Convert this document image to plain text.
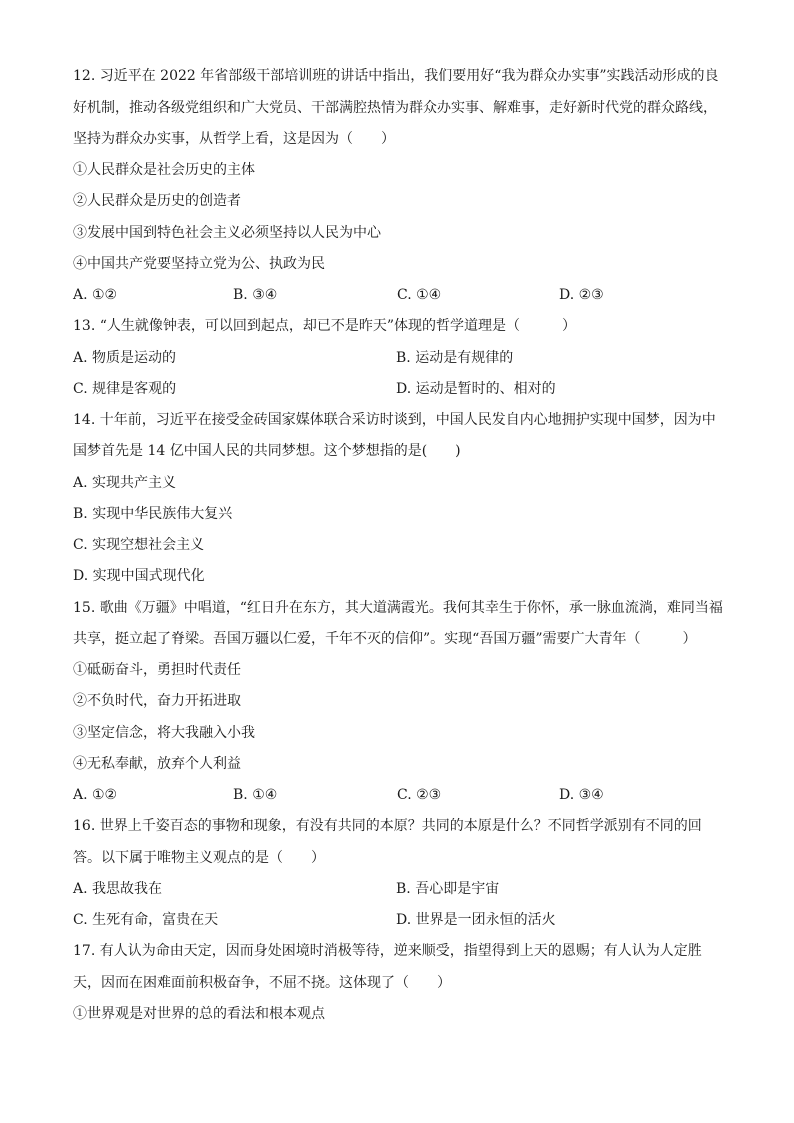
12. 习近平在 2022 年省部级干部培训班的讲话中指出，我们要用好“我为群众办实事”实践活动形成的良
好机制，推动各级党组织和广大党员、干部满腔热情为群众办实事、解难事，走好新时代党的群众路线，
坚持为群众办实事，从哲学上看，这是因为（　　）
①人民群众是社会历史的主体
②人民群众是历史的创造者
③发展中国到特色社会主义必须坚持以人民为中心
④中国共产党要坚持立党为公、执政为民
A. ①②	B. ③④	C. ①④	D. ②③
13. “人生就像钟表，可以回到起点，却已不是昨天”体现的哲学道理是（　　　）
A. 物质是运动的	B. 运动是有规律的
C. 规律是客观的	D. 运动是暂时的、相对的
14. 十年前，习近平在接受金砖国家媒体联合采访时谈到，中国人民发自内心地拥护实现中国梦，因为中
国梦首先是 14 亿中国人民的共同梦想。这个梦想指的是(　　)
A. 实现共产主义
B. 实现中华民族伟大复兴
C. 实现空想社会主义
D. 实现中国式现代化
15. 歌曲《万疆》中唱道，“红日升在东方，其大道满霞光。我何其幸生于你怀，承一脉血流淌，难同当福
共享，挺立起了脊梁。吾国万疆以仁爱，千年不灭的信仰”。实现“吾国万疆”需要广大青年（　　　）
①砥砺奋斗，勇担时代责任
②不负时代，奋力开拓进取
③坚定信念，将大我融入小我
④无私奉献，放弃个人利益
A. ①②	B. ①④	C. ②③	D. ③④
16. 世界上千姿百态的事物和现象，有没有共同的本原？共同的本原是什么？不同哲学派别有不同的回
答。以下属于唯物主义观点的是（　　）
A. 我思故我在	B. 吾心即是宇宙
C. 生死有命，富贵在天	D. 世界是一团永恒的活火
17. 有人认为命由天定，因而身处困境时消极等待，逆来顺受，指望得到上天的恩赐；有人认为人定胜
天，因而在困难面前积极奋争，不屈不挠。这体现了（　　）
①世界观是对世界的总的看法和根本观点
